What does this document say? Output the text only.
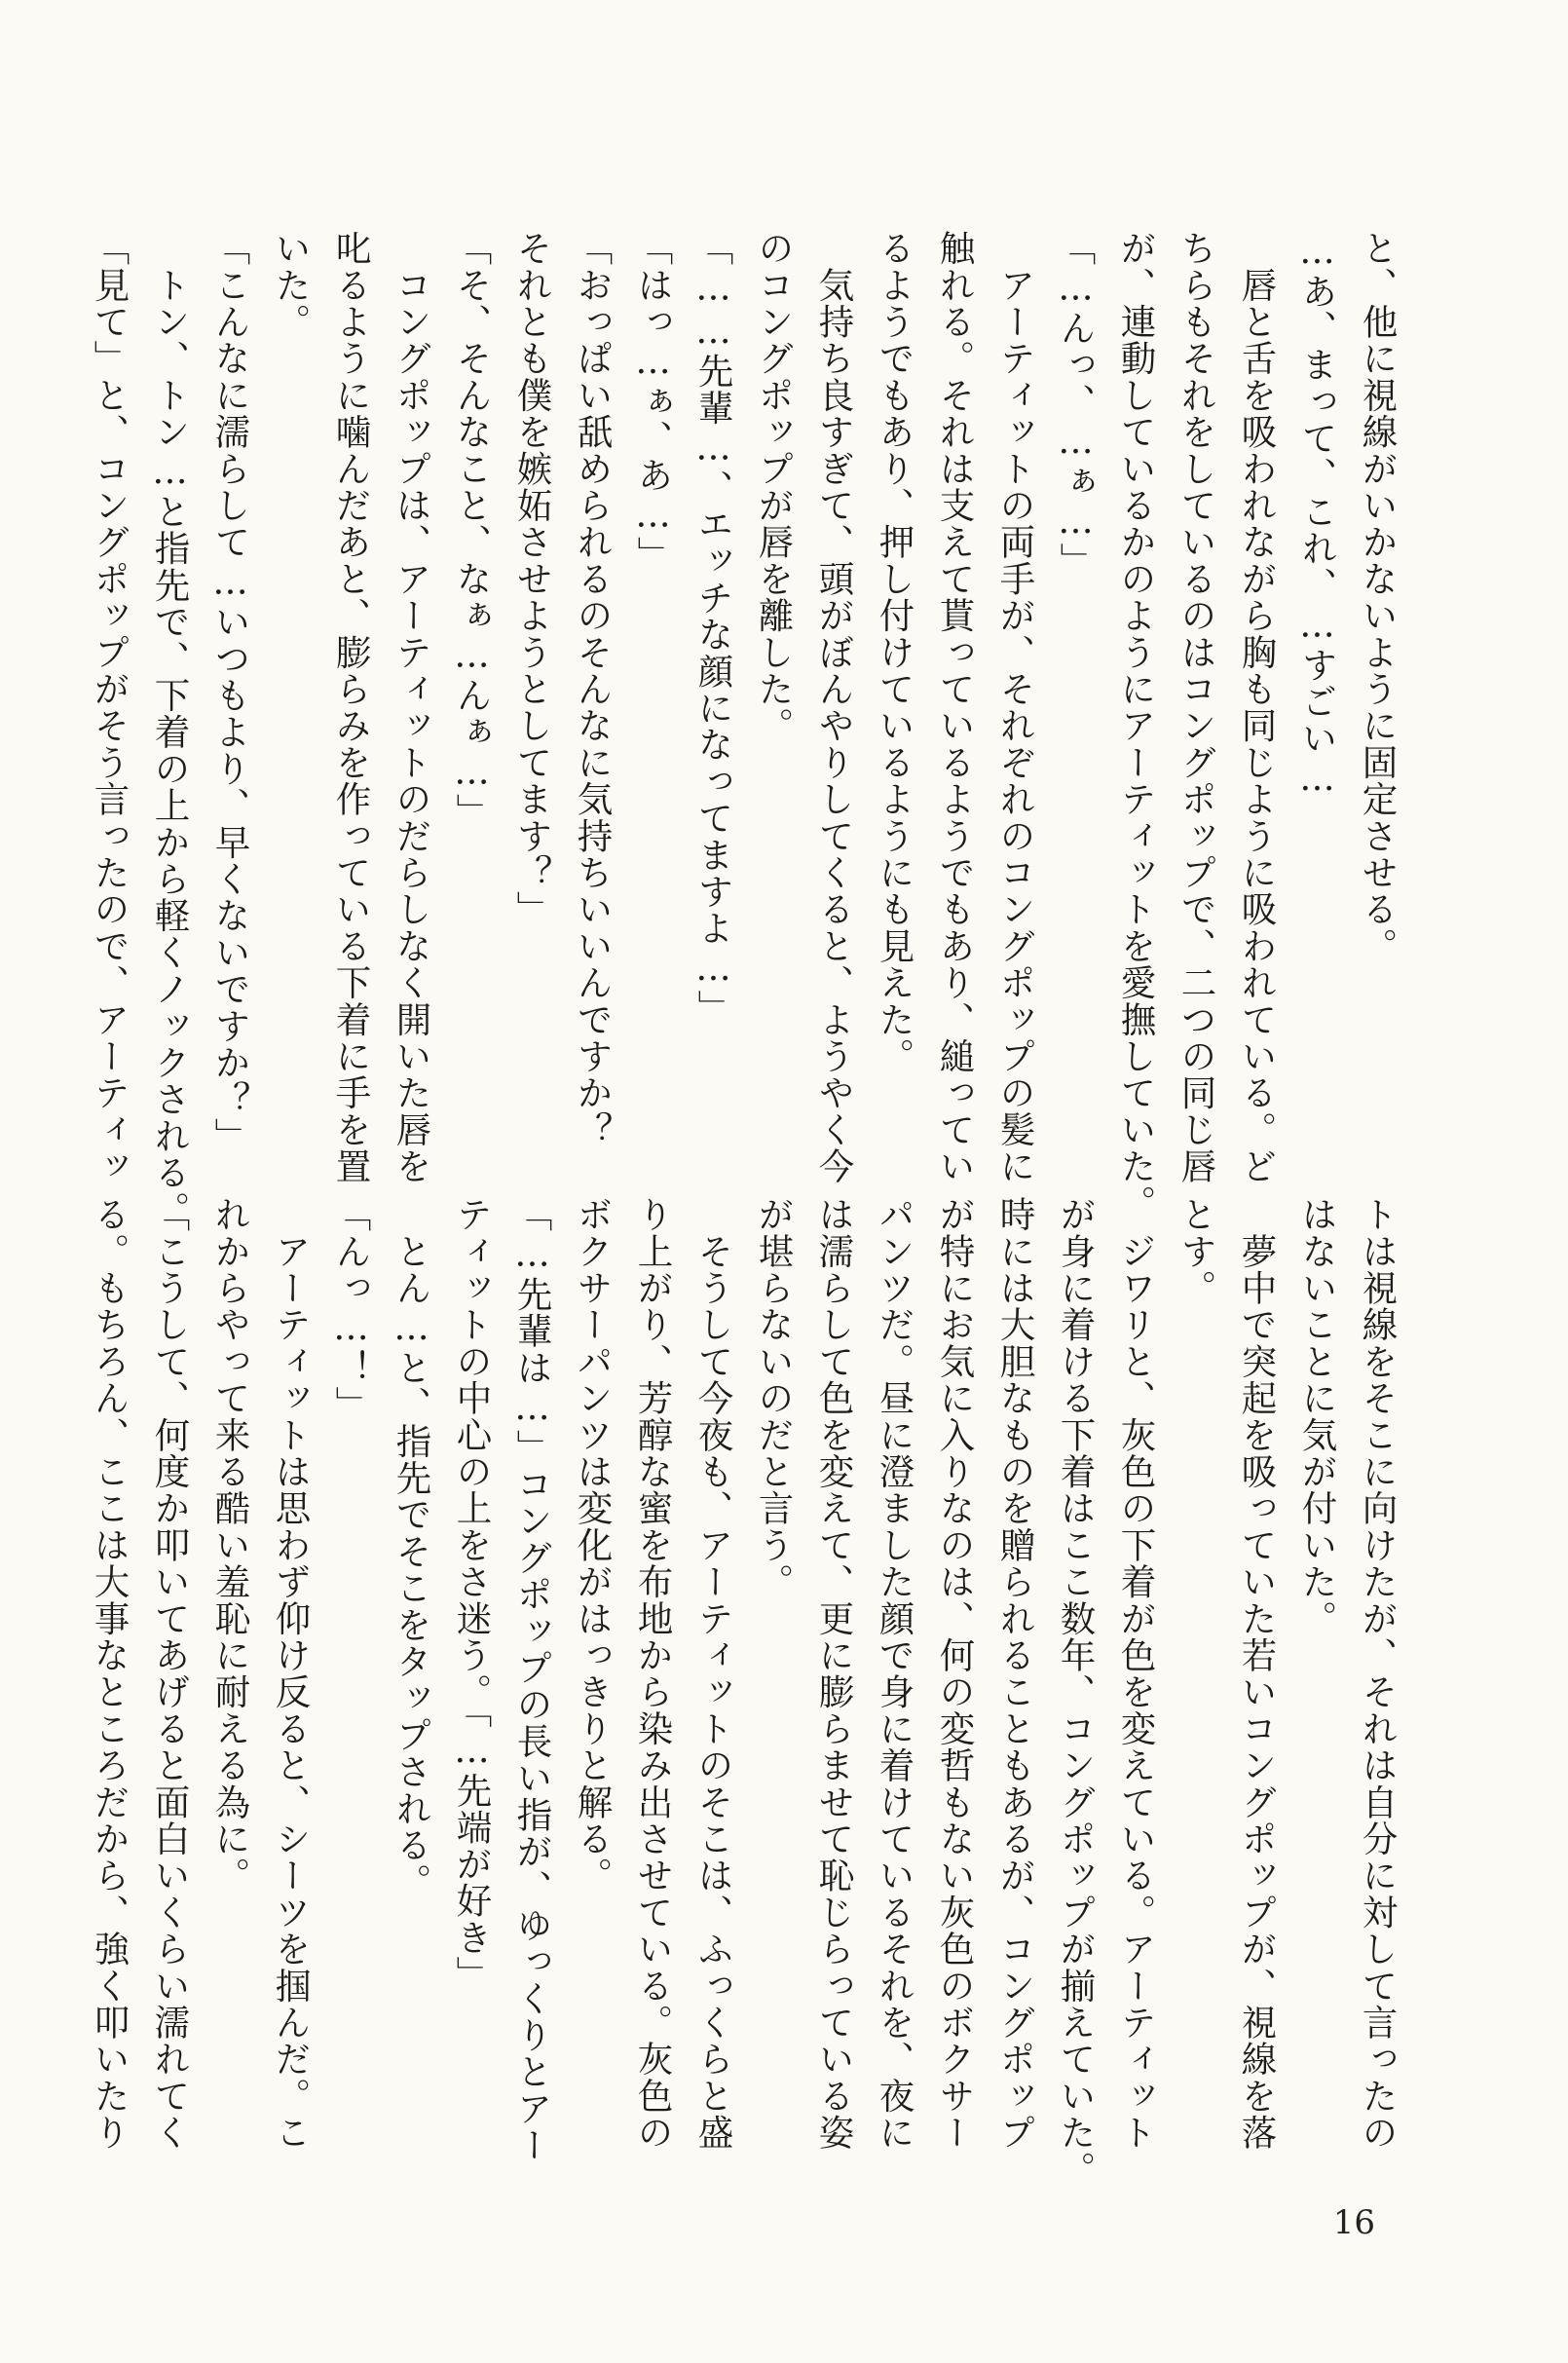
と、他に視線がいかないように固定させる。

…あ、まって、これ、…すごい…

　唇と舌を吸われながら胸も同じように吸われている。ど

ちらもそれをしているのはコングポップで、二つの同じ唇

が、連動しているかのようにアーティットを愛撫していた。

「…んっ、…ぁ…」

　アーティットの両手が、それぞれのコングポップの髪に

触れる。それは支えて貰っているようでもあり、縋ってい

るようでもあり、押し付けているようにも見えた。

　気持ち良すぎて、頭がぼんやりしてくると、ようやく今

のコングポップが唇を離した。

「……先輩…、エッチな顔になってますよ…」

「はっ…ぁ、あ…」

「おっぱい舐められるのそんなに気持ちいいんですか？

それとも僕を嫉妬させようとしてます？」

「そ、そんなこと、なぁ…んぁ…」

　コングポップは、アーティットのだらしなく開いた唇を

叱るように噛んだあと、膨らみを作っている下着に手を置

いた。

「こんなに濡らして…いつもより、早くないですか？」

　トン、トン…と指先で、下着の上から軽くノックされる。

「見て」と、コングポップがそう言ったので、アーティッ

トは視線をそこに向けたが、それは自分に対して言ったの

はないことに気が付いた。

　夢中で突起を吸っていた若いコングポップが、視線を落

とす。

　ジワリと、灰色の下着が色を変えている。アーティット

が身に着ける下着はここ数年、コングポップが揃えていた。

時には大胆なものを贈られることもあるが、コングポップ

が特にお気に入りなのは、何の変哲もない灰色のボクサー

パンツだ。昼に澄ました顔で身に着けているそれを、夜に

は濡らして色を変えて、更に膨らませて恥じらっている姿

が堪らないのだと言う。

　そうして今夜も、アーティットのそこは、ふっくらと盛

り上がり、芳醇な蜜を布地から染み出させている。灰色の

ボクサーパンツは変化がはっきりと解る。

「…先輩は…」コングポップの長い指が、ゆっくりとアー

ティットの中心の上をさ迷う。「…先端が好き」

　とん…と、指先でそこをタップされる。

「んっ…！」

　アーティットは思わず仰け反ると、シーツを掴んだ。こ

れからやって来る酷い羞恥に耐える為に。

「こうして、何度か叩いてあげると面白いくらい濡れてく

る。もちろん、ここは大事なところだから、強く叩いたり

16
